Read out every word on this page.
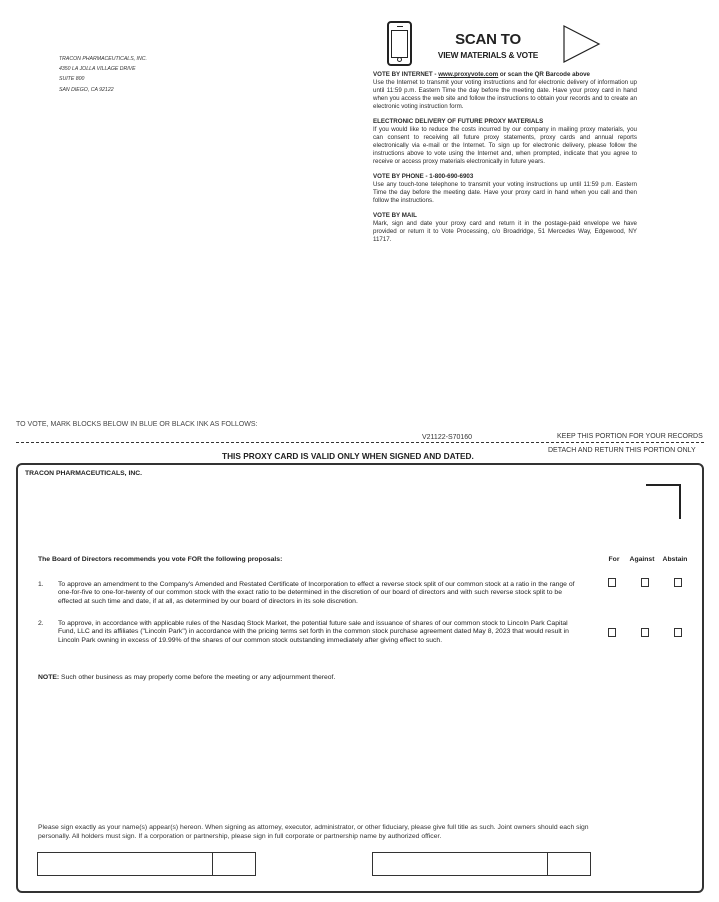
TRACON PHARMACEUTICALS, INC.
4350 LA JOLLA VILLAGE DRIVE
SUITE 800
SAN DIEGO, CA 92122
SCAN TO
VIEW MATERIALS & VOTE
VOTE BY INTERNET - www.proxyvote.com or scan the QR Barcode above
Use the Internet to transmit your voting instructions and for electronic delivery of information up until 11:59 p.m. Eastern Time the day before the meeting date. Have your proxy card in hand when you access the web site and follow the instructions to obtain your records and to create an electronic voting instruction form.
ELECTRONIC DELIVERY OF FUTURE PROXY MATERIALS
If you would like to reduce the costs incurred by our company in mailing proxy materials, you can consent to receiving all future proxy statements, proxy cards and annual reports electronically via e-mail or the Internet. To sign up for electronic delivery, please follow the instructions above to vote using the Internet and, when prompted, indicate that you agree to receive or access proxy materials electronically in future years.
VOTE BY PHONE - 1-800-690-6903
Use any touch-tone telephone to transmit your voting instructions up until 11:59 p.m. Eastern Time the day before the meeting date. Have your proxy card in hand when you call and then follow the instructions.
VOTE BY MAIL
Mark, sign and date your proxy card and return it in the postage-paid envelope we have provided or return it to Vote Processing, c/o Broadridge, 51 Mercedes Way, Edgewood, NY 11717.
TO VOTE, MARK BLOCKS BELOW IN BLUE OR BLACK INK AS FOLLOWS:
V21122-S70160	KEEP THIS PORTION FOR YOUR RECORDS
THIS PROXY CARD IS VALID ONLY WHEN SIGNED AND DATED.
DETACH AND RETURN THIS PORTION ONLY
TRACON PHARMACEUTICALS, INC.
The Board of Directors recommends you vote FOR the following proposals:	For	Against	Abstain
1. To approve an amendment to the Company's Amended and Restated Certificate of Incorporation to effect a reverse stock split of our common stock at a ratio in the range of one-for-five to one-for-twenty of our common stock with the exact ratio to be determined in the discretion of our board of directors and with such reverse stock split to be effected at such time and date, if at all, as determined by our board of directors in its sole discretion.
2. To approve, in accordance with applicable rules of the Nasdaq Stock Market, the potential future sale and issuance of shares of our common stock to Lincoln Park Capital Fund, LLC and its affiliates ("Lincoln Park") in accordance with the pricing terms set forth in the common stock purchase agreement dated May 8, 2023 that would result in Lincoln Park owning in excess of 19.99% of the shares of our common stock outstanding immediately after giving effect to such.
NOTE: Such other business as may properly come before the meeting or any adjournment thereof.
Please sign exactly as your name(s) appear(s) hereon. When signing as attorney, executor, administrator, or other fiduciary, please give full title as such. Joint owners should each sign personally. All holders must sign. If a corporation or partnership, please sign in full corporate or partnership name by authorized officer.
